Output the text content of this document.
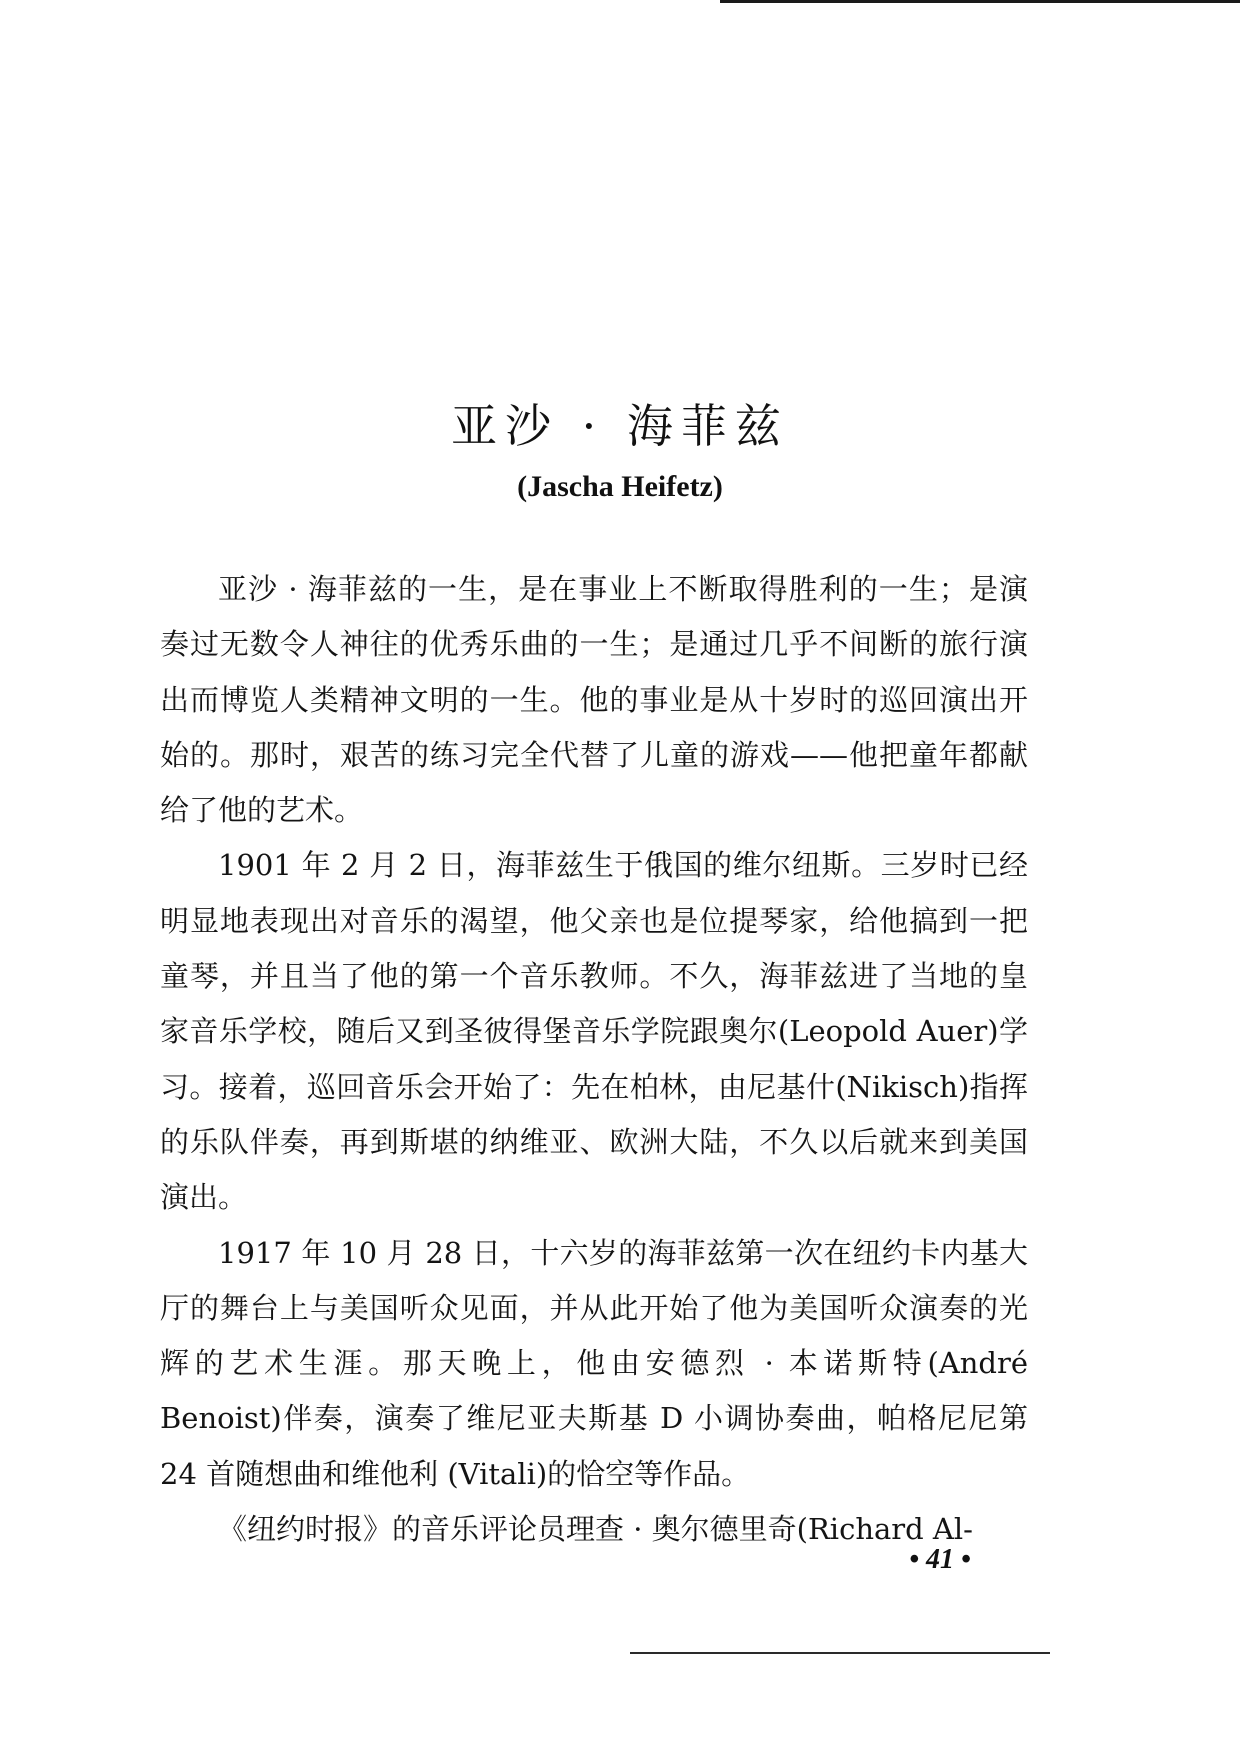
亚沙 · 海菲兹
(Jascha Heifetz)

亚沙 · 海菲兹的一生，是在事业上不断取得胜利的一生；是演奏过无数令人神往的优秀乐曲的一生；是通过几乎不间断的旅行演出而博览人类精神文明的一生。他的事业是从十岁时的巡回演出开始的。那时，艰苦的练习完全代替了儿童的游戏——他把童年都献给了他的艺术。

1901 年 2 月 2 日，海菲兹生于俄国的维尔纽斯。三岁时已经明显地表现出对音乐的渴望，他父亲也是位提琴家，给他搞到一把童琴，并且当了他的第一个音乐教师。不久，海菲兹进了当地的皇家音乐学校，随后又到圣彼得堡音乐学院跟奥尔(Leopold Auer)学习。接着，巡回音乐会开始了：先在柏林，由尼基什(Nikisch)指挥的乐队伴奏，再到斯堪的纳维亚、欧洲大陆，不久以后就来到美国演出。

1917 年 10 月 28 日，十六岁的海菲兹第一次在纽约卡内基大厅的舞台上与美国听众见面，并从此开始了他为美国听众演奏的光辉的艺术生涯。那天晚上，他由安德烈 · 本诺斯特(André Benoist)伴奏，演奏了维尼亚夫斯基 D 小调协奏曲，帕格尼尼第 24 首随想曲和维他利 (Vitali)的恰空等作品。

《纽约时报》的音乐评论员理查 · 奥尔德里奇(Richard Al-

• 41 •
